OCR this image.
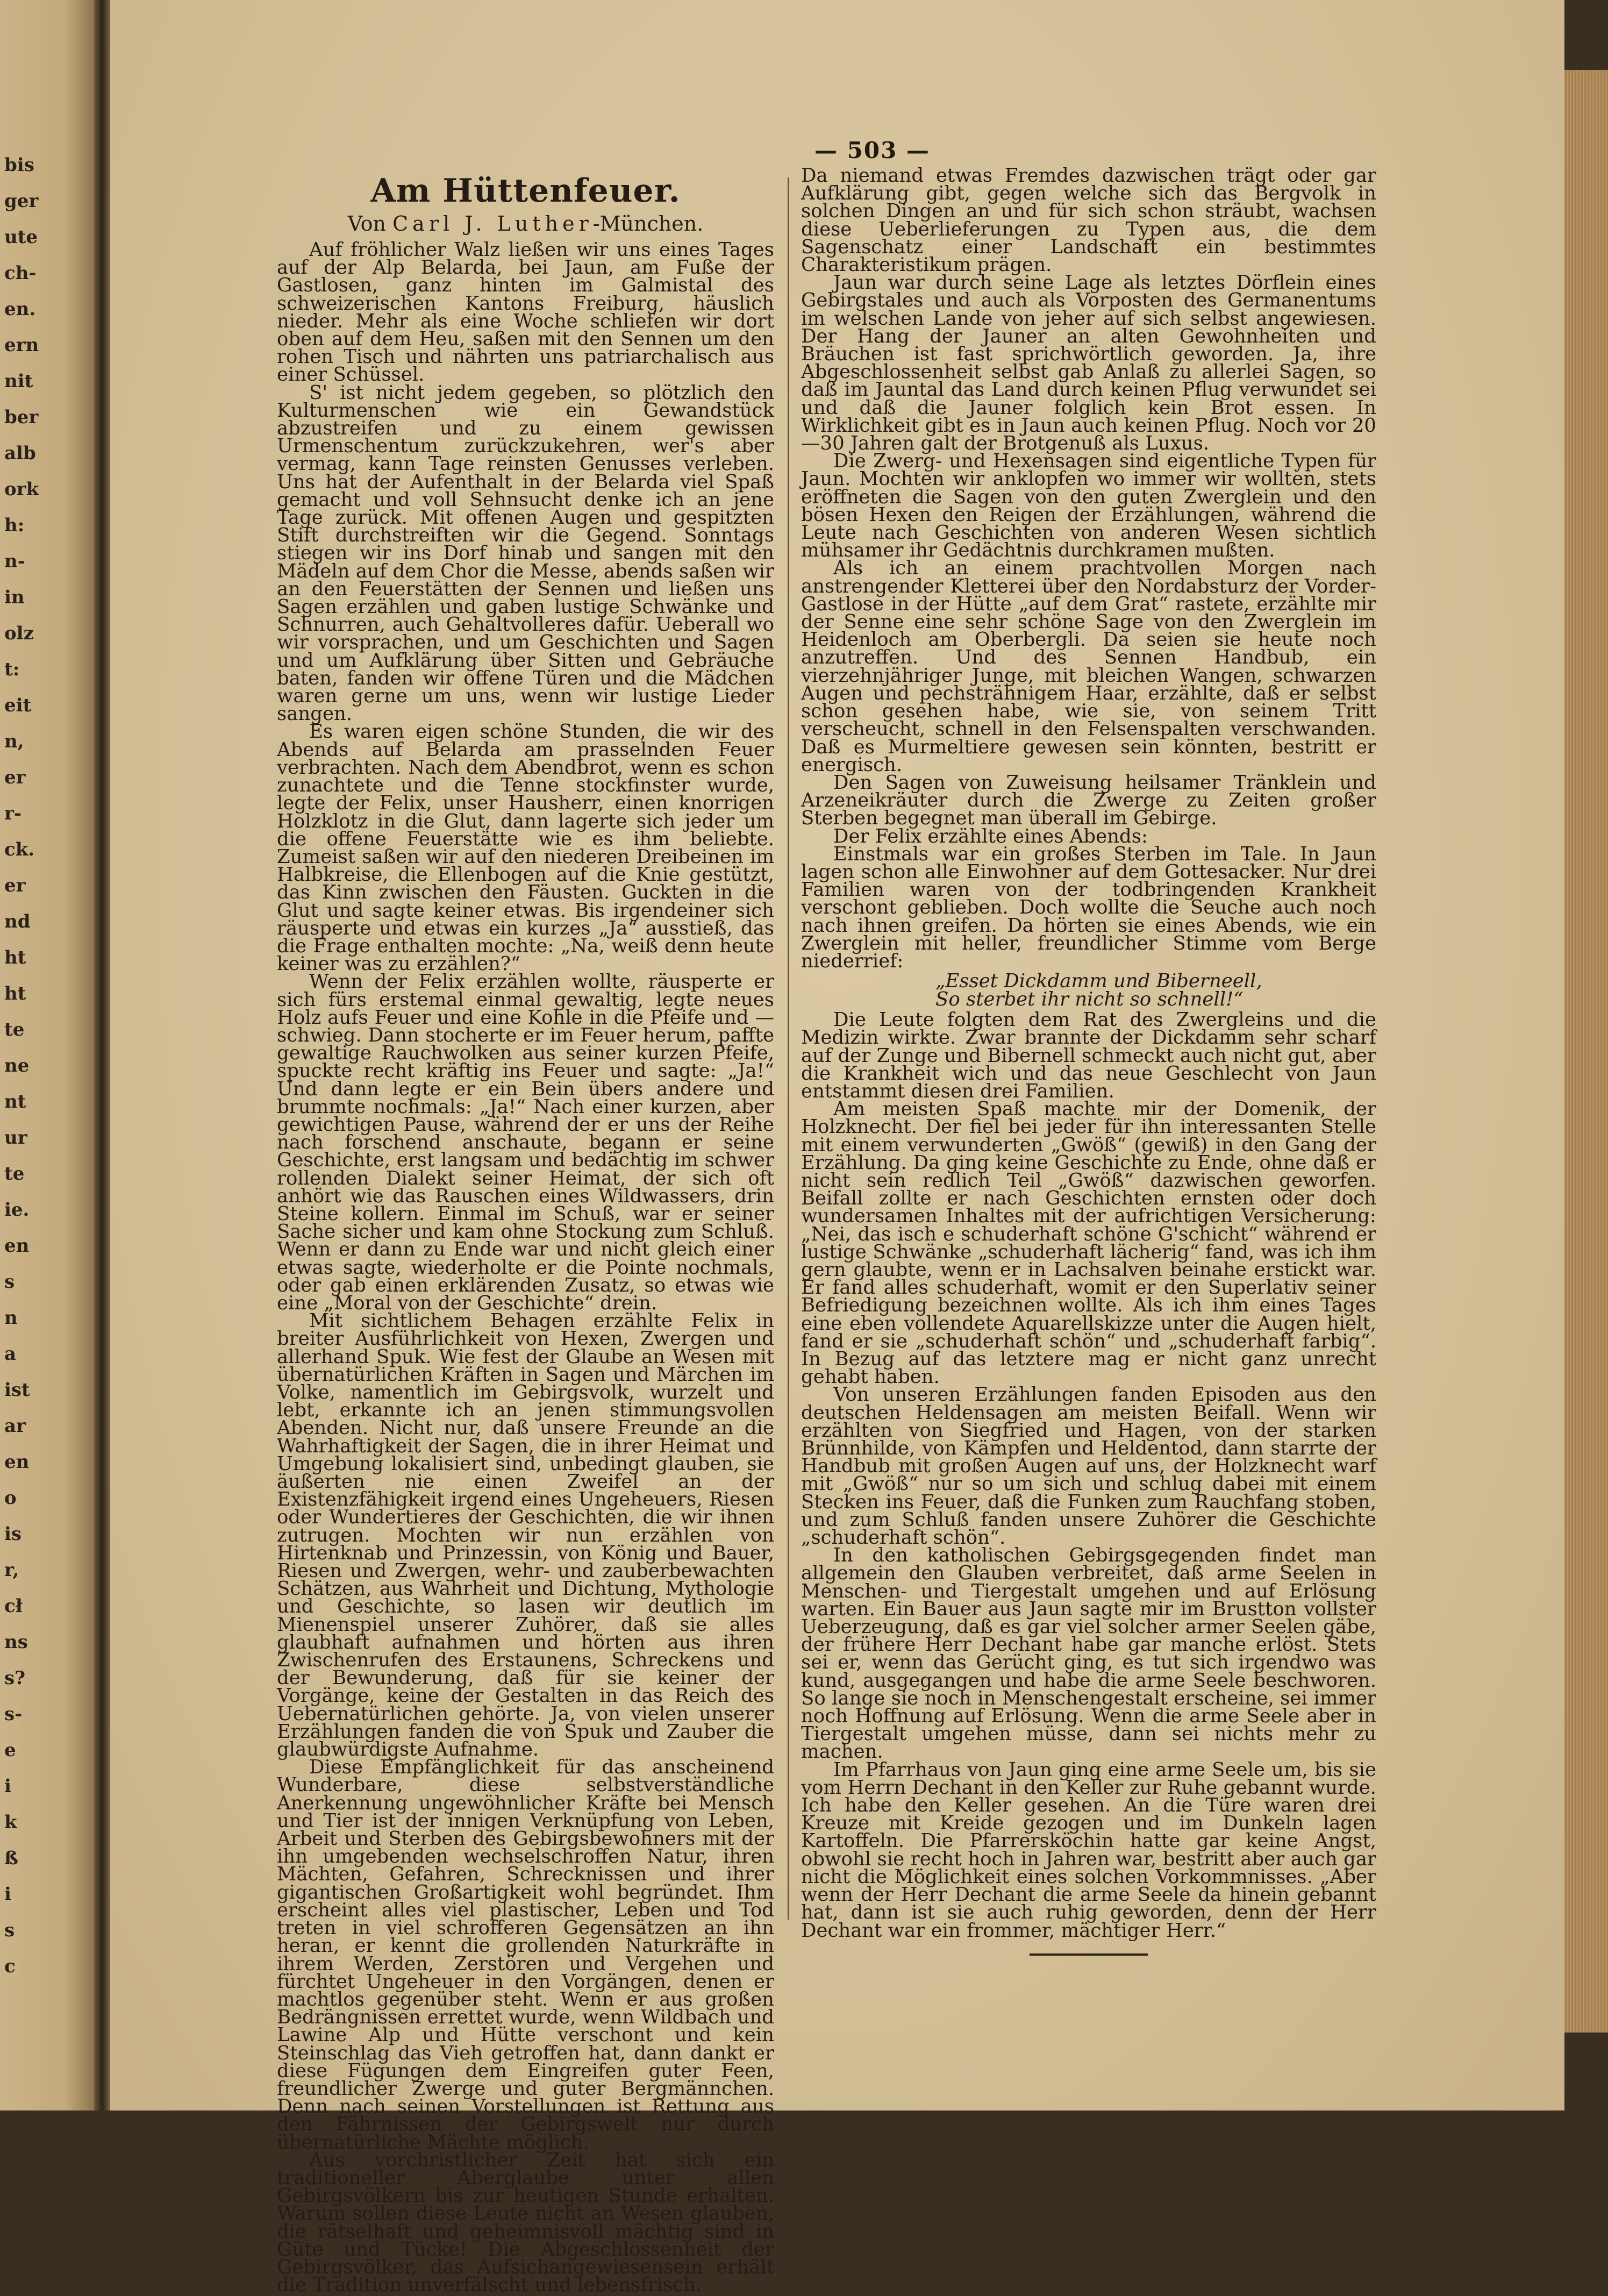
bis
ger
ute
ch-
en.
ern
nit
ber
alb
ork
h:
n-
in
olz
t:
eit
n,
er
r-
ck.
er
nd
ht
ht
te
ne
nt
ur
te
ie.
en
s
n
a
ist
ar
en
o
is
r,
cł
ns
s?
s-
e
i
k
ß
i
s
c
— 503 —
Am Hüttenfeuer.
Von Carl J. Luther-München.

Auf fröhlicher Walz ließen wir uns eines Tages auf der Alp Belarda, bei Jaun, am Fuße der Gastlosen, ganz hinten im Galmistal des schweizerischen Kantons Freiburg, häuslich nieder. Mehr als eine Woche schliefen wir dort oben auf dem Heu, saßen mit den Sennen um den rohen Tisch und nährten uns patriarchalisch aus einer Schüssel.

S' ist nicht jedem gegeben, so plötzlich den Kulturmenschen wie ein Gewandstück abzustreifen und zu einem gewissen Urmenschentum zurückzukehren, wer's aber vermag, kann Tage reinsten Genusses verleben. Uns hat der Aufenthalt in der Belarda viel Spaß gemacht und voll Sehnsucht denke ich an jene Tage zurück. Mit offenen Augen und gespitzten Stift durchstreiften wir die Gegend. Sonntags stiegen wir ins Dorf hinab und sangen mit den Mädeln auf dem Chor die Messe, abends saßen wir an den Feuerstätten der Sennen und ließen uns Sagen erzählen und gaben lustige Schwänke und Schnurren, auch Gehaltvolleres dafür. Ueberall wo wir vorsprachen, und um Geschichten und Sagen und um Aufklärung über Sitten und Gebräuche baten, fanden wir offene Türen und die Mädchen waren gerne um uns, wenn wir lustige Lieder sangen.

Es waren eigen schöne Stunden, die wir des Abends auf Belarda am prasselnden Feuer verbrachten. Nach dem Abendbrot, wenn es schon zunachtete und die Tenne stockfinster wurde, legte der Felix, unser Hausherr, einen knorrigen Holzklotz in die Glut, dann lagerte sich jeder um die offene Feuerstätte wie es ihm beliebte. Zumeist saßen wir auf den niederen Dreibeinen im Halbkreise, die Ellenbogen auf die Knie gestützt, das Kinn zwischen den Fäusten. Guckten in die Glut und sagte keiner etwas. Bis irgendeiner sich räusperte und etwas ein kurzes „Ja“ ausstieß, das die Frage enthalten mochte: „Na, weiß denn heute keiner was zu erzählen?“

Wenn der Felix erzählen wollte, räusperte er sich fürs erstemal einmal gewaltig, legte neues Holz aufs Feuer und eine Kohle in die Pfeife und — schwieg. Dann stocherte er im Feuer herum, paffte gewaltige Rauchwolken aus seiner kurzen Pfeife, spuckte recht kräftig ins Feuer und sagte: „Ja!“ Und dann legte er ein Bein übers andere und brummte nochmals: „Ja!“ Nach einer kurzen, aber gewichtigen Pause, während der er uns der Reihe nach forschend anschaute, begann er seine Geschichte, erst langsam und bedächtig im schwer rollenden Dialekt seiner Heimat, der sich oft anhört wie das Rauschen eines Wildwassers, drin Steine kollern. Einmal im Schuß, war er seiner Sache sicher und kam ohne Stockung zum Schluß. Wenn er dann zu Ende war und nicht gleich einer etwas sagte, wiederholte er die Pointe nochmals, oder gab einen erklärenden Zusatz, so etwas wie eine „Moral von der Geschichte“ drein.

Mit sichtlichem Behagen erzählte Felix in breiter Ausführlichkeit von Hexen, Zwergen und allerhand Spuk. Wie fest der Glaube an Wesen mit übernatürlichen Kräften in Sagen und Märchen im Volke, namentlich im Gebirgsvolk, wurzelt und lebt, erkannte ich an jenen stimmungsvollen Abenden. Nicht nur, daß unsere Freunde an die Wahrhaftigkeit der Sagen, die in ihrer Heimat und Umgebung lokalisiert sind, unbedingt glauben, sie äußerten nie einen Zweifel an der Existenzfähigkeit irgend eines Ungeheuers, Riesen oder Wundertieres der Geschichten, die wir ihnen zutrugen. Mochten wir nun erzählen von Hirtenknab und Prinzessin, von König und Bauer, Riesen und Zwergen, wehr- und zauberbewachten Schätzen, aus Wahrheit und Dichtung, Mythologie und Geschichte, so lasen wir deutlich im Mienenspiel unserer Zuhörer, daß sie alles glaubhaft aufnahmen und hörten aus ihren Zwischenrufen des Erstaunens, Schreckens und der Bewunderung, daß für sie keiner der Vorgänge, keine der Gestalten in das Reich des Uebernatürlichen gehörte. Ja, von vielen unserer Erzählungen fanden die von Spuk und Zauber die glaubwürdigste Aufnahme.

Diese Empfänglichkeit für das anscheinend Wunderbare, diese selbstverständliche Anerkennung ungewöhnlicher Kräfte bei Mensch und Tier ist der innigen Verknüpfung von Leben, Arbeit und Sterben des Gebirgsbewohners mit der ihn umgebenden wechselschroffen Natur, ihren Mächten, Gefahren, Schrecknissen und ihrer gigantischen Großartigkeit wohl begründet. Ihm erscheint alles viel plastischer, Leben und Tod treten in viel schrofferen Gegensätzen an ihn heran, er kennt die grollenden Naturkräfte in ihrem Werden, Zerstören und Vergehen und fürchtet Ungeheuer in den Vorgängen, denen er machtlos gegenüber steht. Wenn er aus großen Bedrängnissen errettet wurde, wenn Wildbach und Lawine Alp und Hütte verschont und kein Steinschlag das Vieh getroffen hat, dann dankt er diese Fügungen dem Eingreifen guter Feen, freundlicher Zwerge und guter Bergmännchen. Denn nach seinen Vorstellungen ist Rettung aus den Fährnissen der Gebirgswelt nur durch übernatürliche Mächte möglich.

Aus vorchristlicher Zeit hat sich ein traditioneller Aberglaube unter allen Gebirgsvölkern bis zur heutigen Stunde erhalten. Warum sollen diese Leute nicht an Wesen glauben, die rätselhaft und geheimnisvoll mächtig sind in Güte und Tücke! Die Abgeschlossenheit der Gebirgsvölker, das Aufsichangewiesensein erhält die Tradition unverfälscht und lebensfrisch.

Da niemand etwas Fremdes dazwischen trägt oder gar Aufklärung gibt, gegen welche sich das Bergvolk in solchen Dingen an und für sich schon sträubt, wachsen diese Ueberlieferungen zu Typen aus, die dem Sagenschatz einer Landschaft ein bestimmtes Charakteristikum prägen.

Jaun war durch seine Lage als letztes Dörflein eines Gebirgstales und auch als Vorposten des Germanentums im welschen Lande von jeher auf sich selbst angewiesen. Der Hang der Jauner an alten Gewohnheiten und Bräuchen ist fast sprichwörtlich geworden. Ja, ihre Abgeschlossenheit selbst gab Anlaß zu allerlei Sagen, so daß im Jauntal das Land durch keinen Pflug verwundet sei und daß die Jauner folglich kein Brot essen. In Wirklichkeit gibt es in Jaun auch keinen Pflug. Noch vor 20—30 Jahren galt der Brotgenuß als Luxus.

Die Zwerg- und Hexensagen sind eigentliche Typen für Jaun. Mochten wir anklopfen wo immer wir wollten, stets eröffneten die Sagen von den guten Zwerglein und den bösen Hexen den Reigen der Erzählungen, während die Leute nach Geschichten von anderen Wesen sichtlich mühsamer ihr Gedächtnis durchkramen mußten.

Als ich an einem prachtvollen Morgen nach anstrengender Kletterei über den Nordabsturz der Vorder-Gastlose in der Hütte „auf dem Grat“ rastete, erzählte mir der Senne eine sehr schöne Sage von den Zwerglein im Heidenloch am Oberbergli. Da seien sie heute noch anzutreffen. Und des Sennen Handbub, ein vierzehnjähriger Junge, mit bleichen Wangen, schwarzen Augen und pechsträhnigem Haar, erzählte, daß er selbst schon gesehen habe, wie sie, von seinem Tritt verscheucht, schnell in den Felsenspalten verschwanden. Daß es Murmeltiere gewesen sein könnten, bestritt er energisch.

Den Sagen von Zuweisung heilsamer Tränklein und Arzeneikräuter durch die Zwerge zu Zeiten großer Sterben begegnet man überall im Gebirge.

Der Felix erzählte eines Abends:

Einstmals war ein großes Sterben im Tale. In Jaun lagen schon alle Einwohner auf dem Gottesacker. Nur drei Familien waren von der todbringenden Krankheit verschont geblieben. Doch wollte die Seuche auch noch nach ihnen greifen. Da hörten sie eines Abends, wie ein Zwerglein mit heller, freundlicher Stimme vom Berge niederrief:

„Esset Dickdamm und Biberneell,
So sterbet ihr nicht so schnell!“

Die Leute folgten dem Rat des Zwergleins und die Medizin wirkte. Zwar brannte der Dickdamm sehr scharf auf der Zunge und Bibernell schmeckt auch nicht gut, aber die Krankheit wich und das neue Geschlecht von Jaun entstammt diesen drei Familien.

Am meisten Spaß machte mir der Domenik, der Holzknecht. Der fiel bei jeder für ihn interessanten Stelle mit einem verwunderten „Gwöß“ (gewiß) in den Gang der Erzählung. Da ging keine Geschichte zu Ende, ohne daß er nicht sein redlich Teil „Gwöß“ dazwischen geworfen. Beifall zollte er nach Geschichten ernsten oder doch wundersamen Inhaltes mit der aufrichtigen Versicherung: „Nei, das isch e schuderhaft schöne G'schicht“ während er lustige Schwänke „schuderhaft lächerig“ fand, was ich ihm gern glaubte, wenn er in Lachsalven beinahe erstickt war. Er fand alles schuderhaft, womit er den Superlativ seiner Befriedigung bezeichnen wollte. Als ich ihm eines Tages eine eben vollendete Aquarellskizze unter die Augen hielt, fand er sie „schuderhaft schön“ und „schuderhaft farbig“. In Bezug auf das letztere mag er nicht ganz unrecht gehabt haben.

Von unseren Erzählungen fanden Episoden aus den deutschen Heldensagen am meisten Beifall. Wenn wir erzählten von Siegfried und Hagen, von der starken Brünnhilde, von Kämpfen und Heldentod, dann starrte der Handbub mit großen Augen auf uns, der Holzknecht warf mit „Gwöß“ nur so um sich und schlug dabei mit einem Stecken ins Feuer, daß die Funken zum Rauchfang stoben, und zum Schluß fanden unsere Zuhörer die Geschichte „schuderhaft schön“.

In den katholischen Gebirgsgegenden findet man allgemein den Glauben verbreitet, daß arme Seelen in Menschen- und Tiergestalt umgehen und auf Erlösung warten. Ein Bauer aus Jaun sagte mir im Brustton vollster Ueberzeugung, daß es gar viel solcher armer Seelen gäbe, der frühere Herr Dechant habe gar manche erlöst. Stets sei er, wenn das Gerücht ging, es tut sich irgendwo was kund, ausgegangen und habe die arme Seele beschworen. So lange sie noch in Menschengestalt erscheine, sei immer noch Hoffnung auf Erlösung. Wenn die arme Seele aber in Tiergestalt umgehen müsse, dann sei nichts mehr zu machen.

Im Pfarrhaus von Jaun ging eine arme Seele um, bis sie vom Herrn Dechant in den Keller zur Ruhe gebannt wurde. Ich habe den Keller gesehen. An die Türe waren drei Kreuze mit Kreide gezogen und im Dunkeln lagen Kartoffeln. Die Pfarrersköchin hatte gar keine Angst, obwohl sie recht hoch in Jahren war, bestritt aber auch gar nicht die Möglichkeit eines solchen Vorkommnisses. „Aber wenn der Herr Dechant die arme Seele da hinein gebannt hat, dann ist sie auch ruhig geworden, denn der Herr Dechant war ein frommer, mächtiger Herr.“
